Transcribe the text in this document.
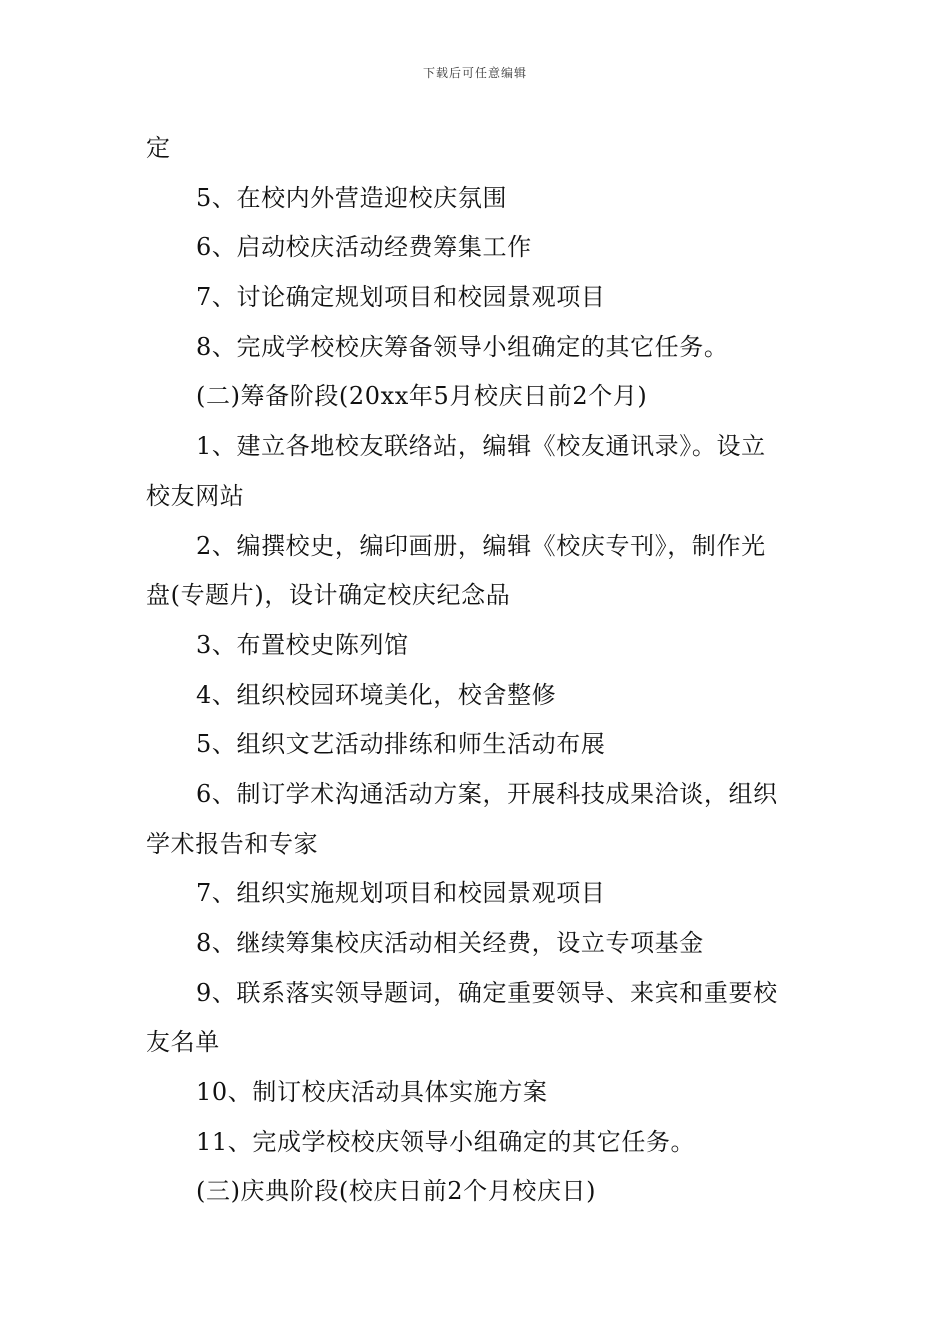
下载后可任意编辑
定
5、在校内外营造迎校庆氛围
6、启动校庆活动经费筹集工作
7、讨论确定规划项目和校园景观项目
8、完成学校校庆筹备领导小组确定的其它任务。
(二)筹备阶段(20xx年5月校庆日前2个月)
1、建立各地校友联络站，编辑《校友通讯录》。设立
校友网站
2、编撰校史，编印画册，编辑《校庆专刊》，制作光
盘(专题片)，设计确定校庆纪念品
3、布置校史陈列馆
4、组织校园环境美化，校舍整修
5、组织文艺活动排练和师生活动布展
6、制订学术沟通活动方案，开展科技成果洽谈，组织
学术报告和专家
7、组织实施规划项目和校园景观项目
8、继续筹集校庆活动相关经费，设立专项基金
9、联系落实领导题词，确定重要领导、来宾和重要校
友名单
10、制订校庆活动具体实施方案
11、完成学校校庆领导小组确定的其它任务。
(三)庆典阶段(校庆日前2个月校庆日)
